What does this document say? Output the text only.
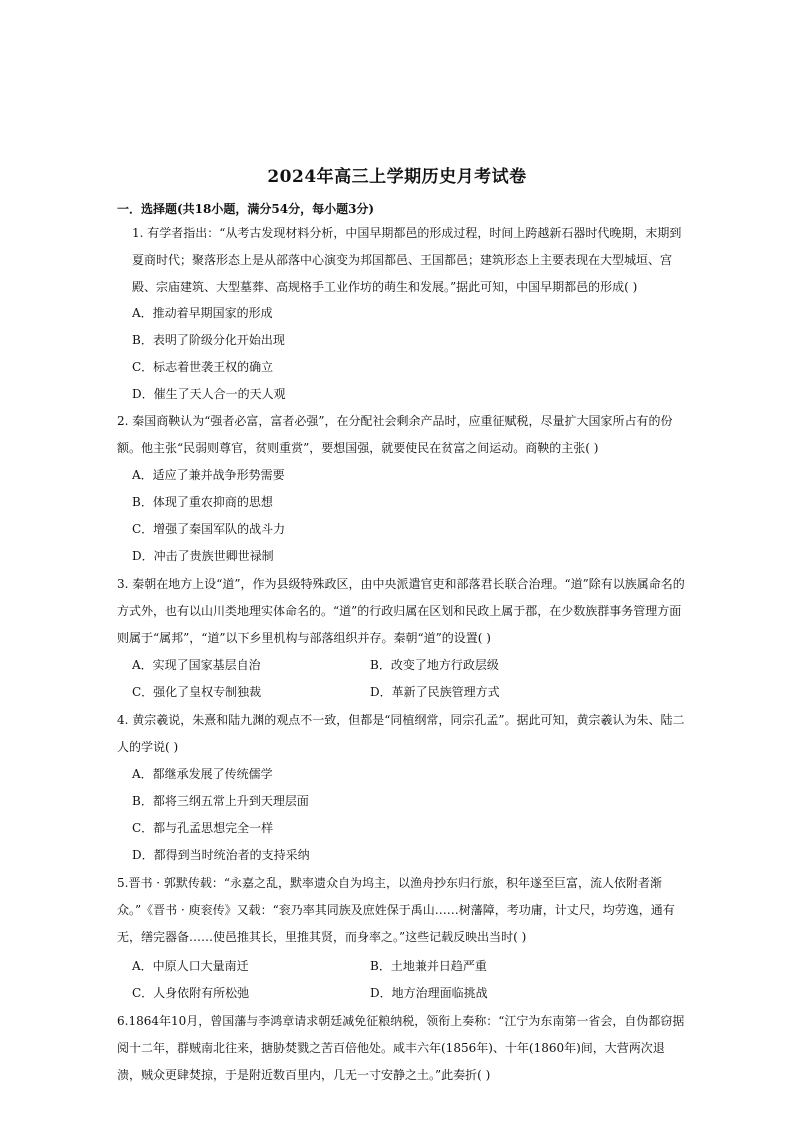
2024年高三上学期历史月考试卷
一．选择题(共18小题，满分54分，每小题3分)

1. 有学者指出：“从考古发现材料分析，中国早期都邑的形成过程，时间上跨越新石器时代晚期，末期到夏商时代；聚落形态上是从部落中心演变为邦国都邑、王国都邑；建筑形态上主要表现在大型城垣、宫殿、宗庙建筑、大型墓葬、高规格手工业作坊的萌生和发展。”据此可知，中国早期都邑的形成( )

A．推动着早期国家的形成
B．表明了阶级分化开始出现
C．标志着世袭王权的确立
D．催生了天人合一的天人观

2. 秦国商鞅认为“强者必富，富者必强”，在分配社会剩余产品时，应重征赋税，尽量扩大国家所占有的份额。他主张“民弱则尊官，贫则重赏”，要想国强，就要使民在贫富之间运动。商鞅的主张( )

A．适应了兼并战争形势需要
B．体现了重农抑商的思想
C．增强了秦国军队的战斗力
D．冲击了贵族世卿世禄制

3. 秦朝在地方上设“道”，作为县级特殊政区，由中央派遣官吏和部落君长联合治理。“道”除有以族属命名的方式外，也有以山川类地理实体命名的。“道”的行政归属在区划和民政上属于郡，在少数族群事务管理方面则属于“属邦”，“道”以下乡里机构与部落组织并存。秦朝“道”的设置( )

A．实现了国家基层自治	B．改变了地方行政层级
C．强化了皇权专制独裁	D．革新了民族管理方式

4. 黄宗羲说，朱熹和陆九渊的观点不一致，但都是“同植纲常，同宗孔孟”。据此可知，黄宗羲认为朱、陆二人的学说( )

A．都继承发展了传统儒学
B．都将三纲五常上升到天理层面
C．都与孔孟思想完全一样
D．都得到当时统治者的支持采纳

5.晋书 · 郭默传载：“永嘉之乱，默率遗众自为坞主，以渔舟抄东归行旅，积年遂至巨富，流人依附者渐众。”《晋书 · 庾衮传》又载：“衮乃率其同族及庶姓保于禹山……树藩障，考功庸，计丈尺，均劳逸，通有无，缮完器备……使邑推其长，里推其贤，而身率之。”这些记载反映出当时( )

A．中原人口大量南迁	B．土地兼并日趋严重
C．人身依附有所松弛	D．地方治理面临挑战

6.1864年10月，曾国藩与李鸿章请求朝廷减免征粮纳税，领衔上奏称：“江宁为东南第一省会，自伪都窃据阅十二年，群贼南北往来，搪胁焚戮之苦百倍他处。咸丰六年(1856年)、十年(1860年)间，大营两次退溃，贼众更肆焚掠，于是附近数百里内，几无一寸安静之土。”此奏折( )
